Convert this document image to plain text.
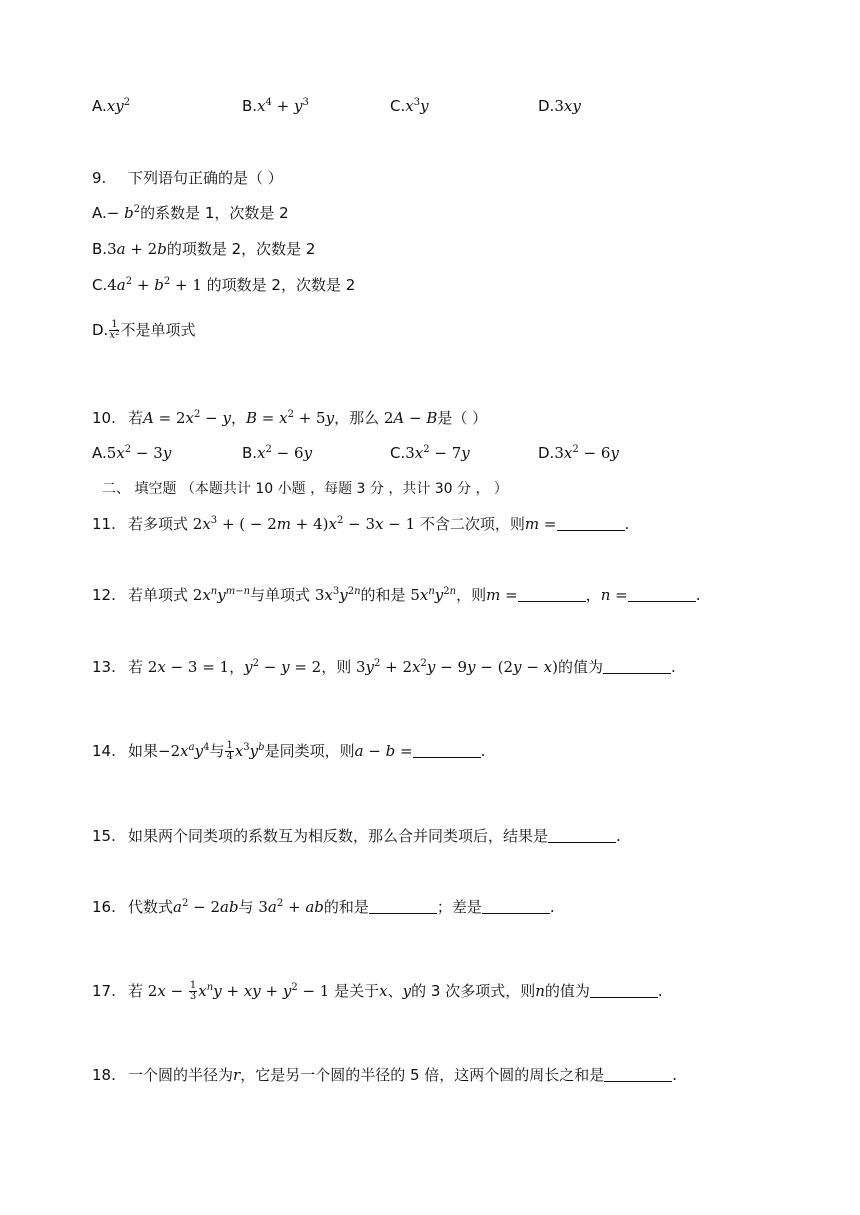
$A.xy^2$	$B.x^4 + y^3$	$C.x^3y$	D.3xy
9. 下列语句正确的是（ ）
$A.- b^2$的系数是 1，次数是 2
B.3a + 2b的项数是 2，次数是 2
$C.4a^2 + b^2 + 1$ 的项数是 2，次数是 2
D. $\frac{1}{x^2}$ 不是单项式
10. 若$A = 2x^2 - y$，$B = x^2 + 5y$，那么 2A − B是（ ）
$A.5x^2 - 3y$	$B.x^2 - 6y$	$C.3x^2 - 7y$	$D.3x^2 - 6y$
二、 填空题 （本题共计 10 小题 ，每题 3 分 ，共计 30 分 ， ）
11. 若多项式 $2x^3$ + ( − $2m + 4)x^2 - 3x - 1$ 不含二次项，则m =	.
12. 若单项式 $2x^ny^{m-n}$与单项式 $3x^3y^{2n}$的和是 $5x^ny^{2n}$，则m =	，n =	.
13. 若 2x − 3 = 1，$y^2 - y = 2$，则 $3y^2 + 2x^2y - 9y - (2y - x)$的值为	.
14. 如果$-2x^ay^4$与 $\frac{1}{4} x^3y^b$是同类项，则a − b =	.
15. 如果两个同类项的系数互为相反数，那么合并同类项后，结果是	.
16. 代数式$a^2 - 2ab$与 $3a^2$ + ab的和是	；差是	.
17. 若 $2x - \frac{1}{3} x^ny$ + xy + $y^2 - 1$ 是关于x、y的 3 次多项式，则n的值为	.
18. 一个圆的半径为r，它是另一个圆的半径的 5 倍，这两个圆的周长之和是	.
